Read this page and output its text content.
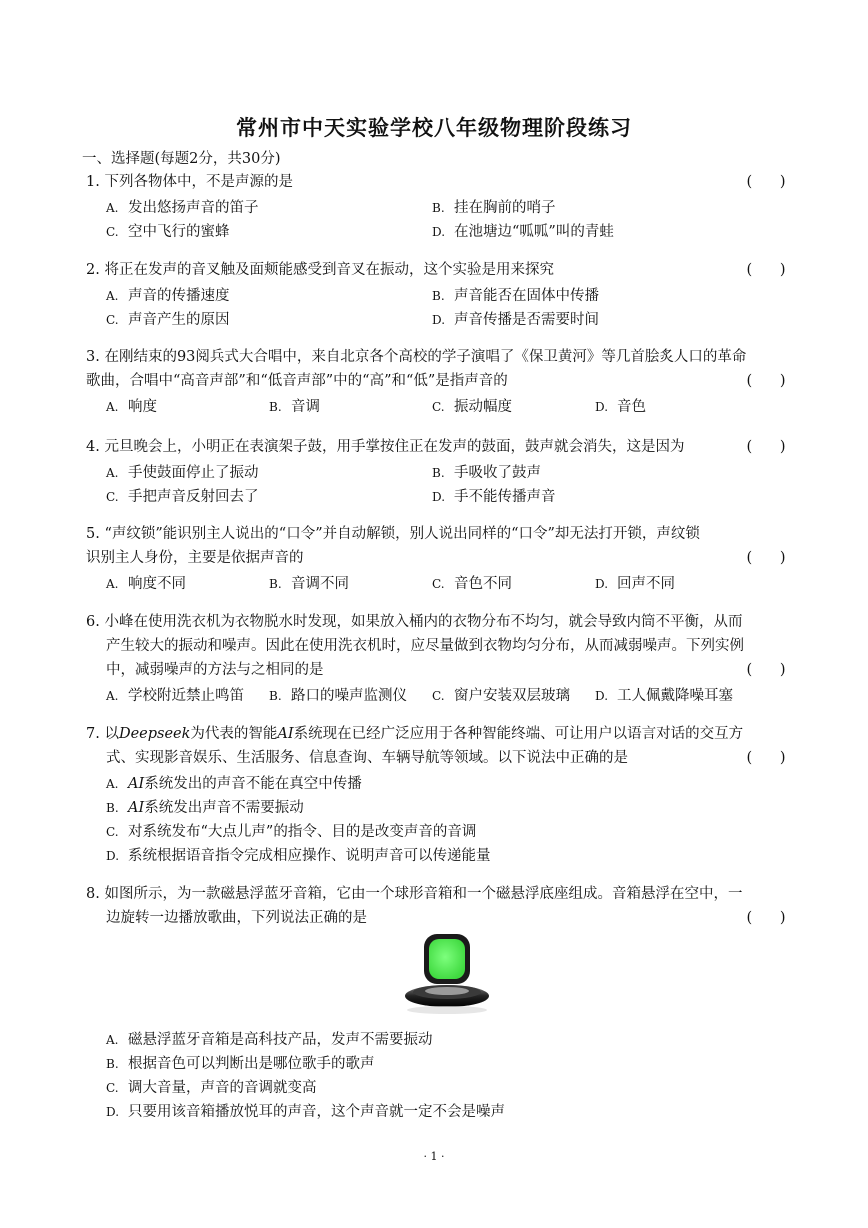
常州市中天实验学校八年级物理阶段练习
一、选择题(每题2分，共30分)
1. 下列各物体中，不是声源的是	(      )
A. 发出悠扬声音的笛子	B. 挂在胸前的哨子
C. 空中飞行的蜜蜂	D. 在池塘边“呱呱”叫的青蛙
2. 将正在发声的音叉触及面颊能感受到音叉在振动，这个实验是用来探究	(      )
A. 声音的传播速度	B. 声音能否在固体中传播
C. 声音产生的原因	D. 声音传播是否需要时间
3. 在刚结束的93阅兵式大合唱中，来自北京各个高校的学子演唱了《保卫黄河》等几首脍炙人口的革命
歌曲，合唱中“高音声部”和“低音声部”中的“高”和“低”是指声音的	(      )
A. 响度	B. 音调	C. 振动幅度	D. 音色
4. 元旦晚会上，小明正在表演架子鼓，用手掌按住正在发声的鼓面，鼓声就会消失，这是因为	(      )
A. 手使鼓面停止了振动	B. 手吸收了鼓声
C. 手把声音反射回去了	D. 手不能传播声音
5. “声纹锁”能识别主人说出的“口令”并自动解锁，别人说出同样的“口令”却无法打开锁，声纹锁
识别主人身份，主要是依据声音的	(      )
A. 响度不同	B. 音调不同	C. 音色不同	D. 回声不同
6. 小峰在使用洗衣机为衣物脱水时发现，如果放入桶内的衣物分布不均匀，就会导致内筒不平衡，从而
产生较大的振动和噪声。因此在使用洗衣机时，应尽量做到衣物均匀分布，从而减弱噪声。下列实例
中，减弱噪声的方法与之相同的是	(      )
A. 学校附近禁止鸣笛	B. 路口的噪声监测仪	C. 窗户安装双层玻璃	D. 工人佩戴降噪耳塞
7. 以Deepseek为代表的智能AI系统现在已经广泛应用于各种智能终端、可让用户以语言对话的交互方
式、实现影音娱乐、生活服务、信息查询、车辆导航等领域。以下说法中正确的是	(      )
A. AI系统发出的声音不能在真空中传播
B. AI系统发出声音不需要振动
C. 对系统发布“大点儿声”的指令、目的是改变声音的音调
D. 系统根据语音指令完成相应操作、说明声音可以传递能量
8. 如图所示，为一款磁悬浮蓝牙音箱，它由一个球形音箱和一个磁悬浮底座组成。音箱悬浮在空中，一
边旋转一边播放歌曲，下列说法正确的是	(      )
A. 磁悬浮蓝牙音箱是高科技产品，发声不需要振动
B. 根据音色可以判断出是哪位歌手的歌声
C. 调大音量，声音的音调就变高
D. 只要用该音箱播放悦耳的声音，这个声音就一定不会是噪声
· 1 ·
